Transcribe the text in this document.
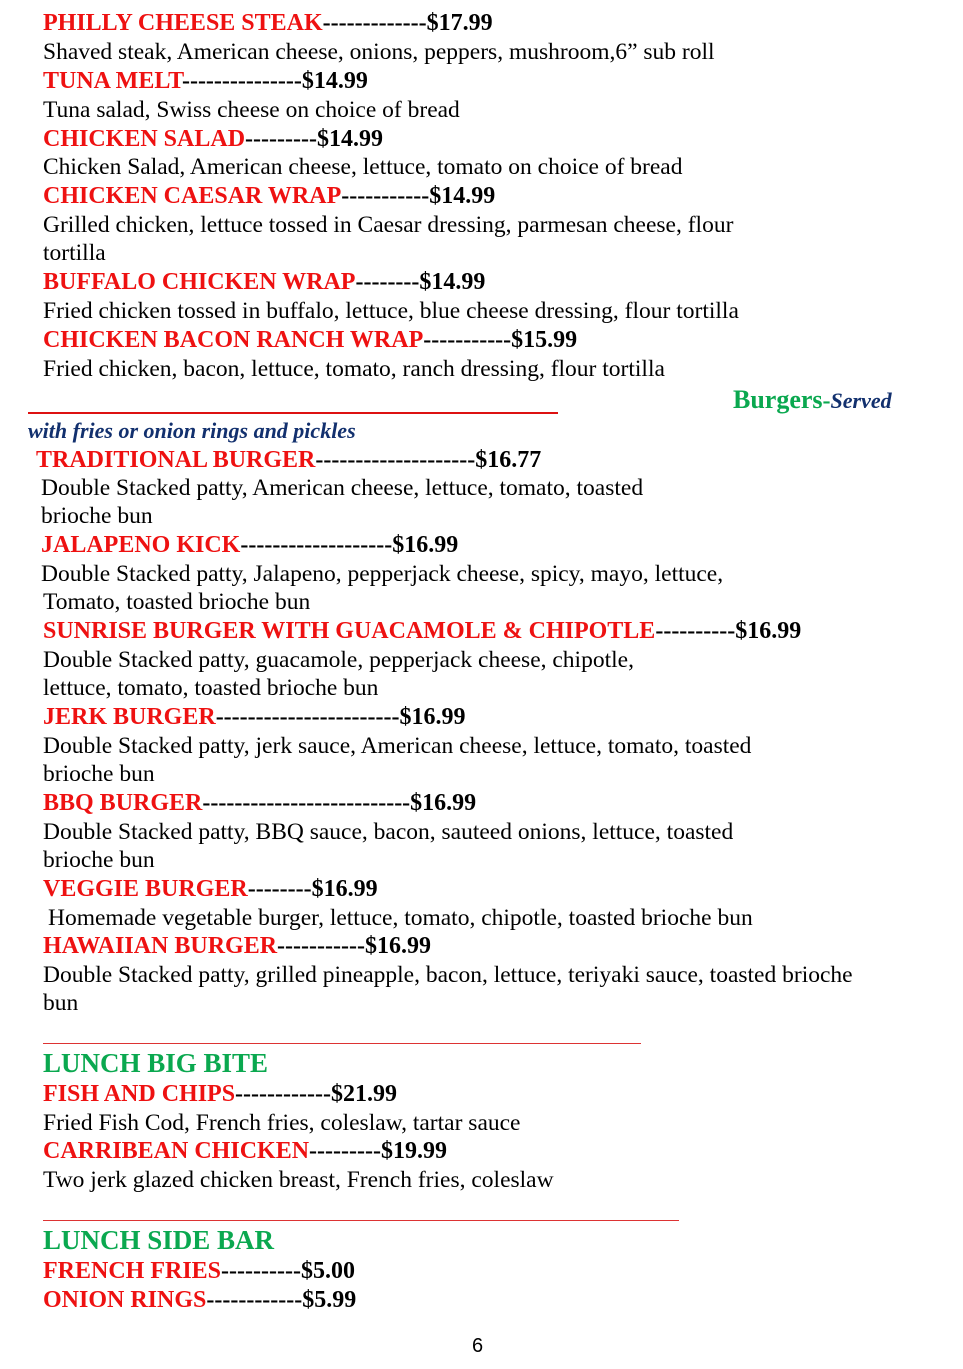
PHILLY CHEESE STEAK-------------$17.99
Shaved steak, American cheese, onions, peppers, mushroom,6” sub roll
TUNA MELT---------------$14.99
Tuna salad, Swiss cheese on choice of bread
CHICKEN SALAD---------$14.99
Chicken Salad, American cheese, lettuce, tomato on choice of bread
CHICKEN CAESAR WRAP-----------$14.99
Grilled chicken, lettuce tossed in Caesar dressing, parmesan cheese, flour
tortilla
BUFFALO CHICKEN WRAP--------$14.99
Fried chicken tossed in buffalo, lettuce, blue cheese dressing, flour tortilla
CHICKEN BACON RANCH WRAP-----------$15.99
Fried chicken, bacon, lettuce, tomato, ranch dressing, flour tortilla
Burgers-Served
with fries or onion rings and pickles
TRADITIONAL BURGER--------------------$16.77
Double Stacked patty, American cheese, lettuce, tomato, toasted
brioche bun
JALAPENO KICK-------------------$16.99
Double Stacked patty, Jalapeno, pepperjack cheese, spicy, mayo, lettuce,
Tomato, toasted brioche bun
SUNRISE BURGER WITH GUACAMOLE & CHIPOTLE----------$16.99
Double Stacked patty, guacamole, pepperjack cheese, chipotle,
lettuce, tomato, toasted brioche bun
JERK BURGER-----------------------$16.99
Double Stacked patty, jerk sauce, American cheese, lettuce, tomato, toasted
brioche bun
BBQ BURGER--------------------------$16.99
Double Stacked patty, BBQ sauce, bacon, sauteed onions, lettuce, toasted
brioche bun
VEGGIE BURGER--------$16.99
Homemade vegetable burger, lettuce, tomato, chipotle, toasted brioche bun
HAWAIIAN BURGER-----------$16.99
Double Stacked patty, grilled pineapple, bacon, lettuce, teriyaki sauce, toasted brioche
bun
LUNCH BIG BITE
FISH AND CHIPS------------$21.99
Fried Fish Cod, French fries, coleslaw, tartar sauce
CARRIBEAN CHICKEN---------$19.99
Two jerk glazed chicken breast, French fries, coleslaw
LUNCH SIDE BAR
FRENCH FRIES----------$5.00
ONION RINGS------------$5.99
6
